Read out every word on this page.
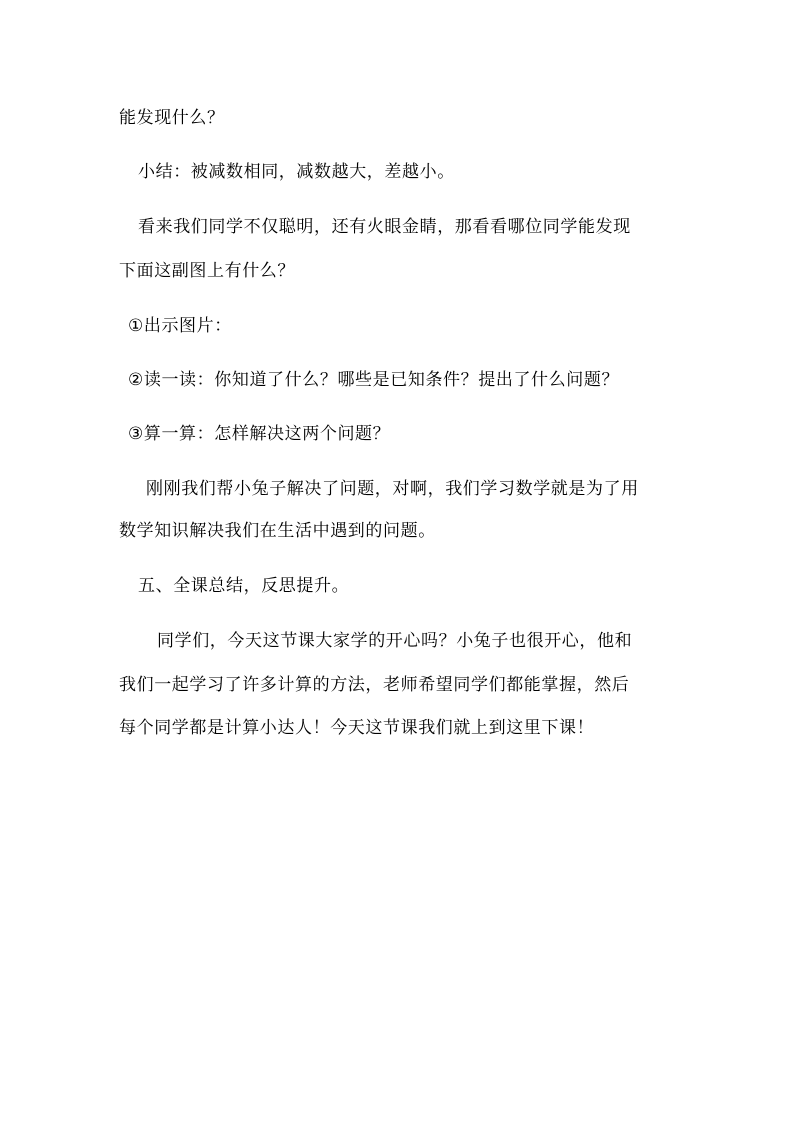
能发现什么？
小结：被减数相同，减数越大，差越小。
看来我们同学不仅聪明，还有火眼金睛，那看看哪位同学能发现
下面这副图上有什么？
①出示图片：
②读一读：你知道了什么？哪些是已知条件？提出了什么问题？
③算一算：怎样解决这两个问题？
刚刚我们帮小兔子解决了问题，对啊，我们学习数学就是为了用
数学知识解决我们在生活中遇到的问题。
五、全课总结，反思提升。
同学们，今天这节课大家学的开心吗？小兔子也很开心，他和
我们一起学习了许多计算的方法，老师希望同学们都能掌握，然后
每个同学都是计算小达人！今天这节课我们就上到这里下课！
